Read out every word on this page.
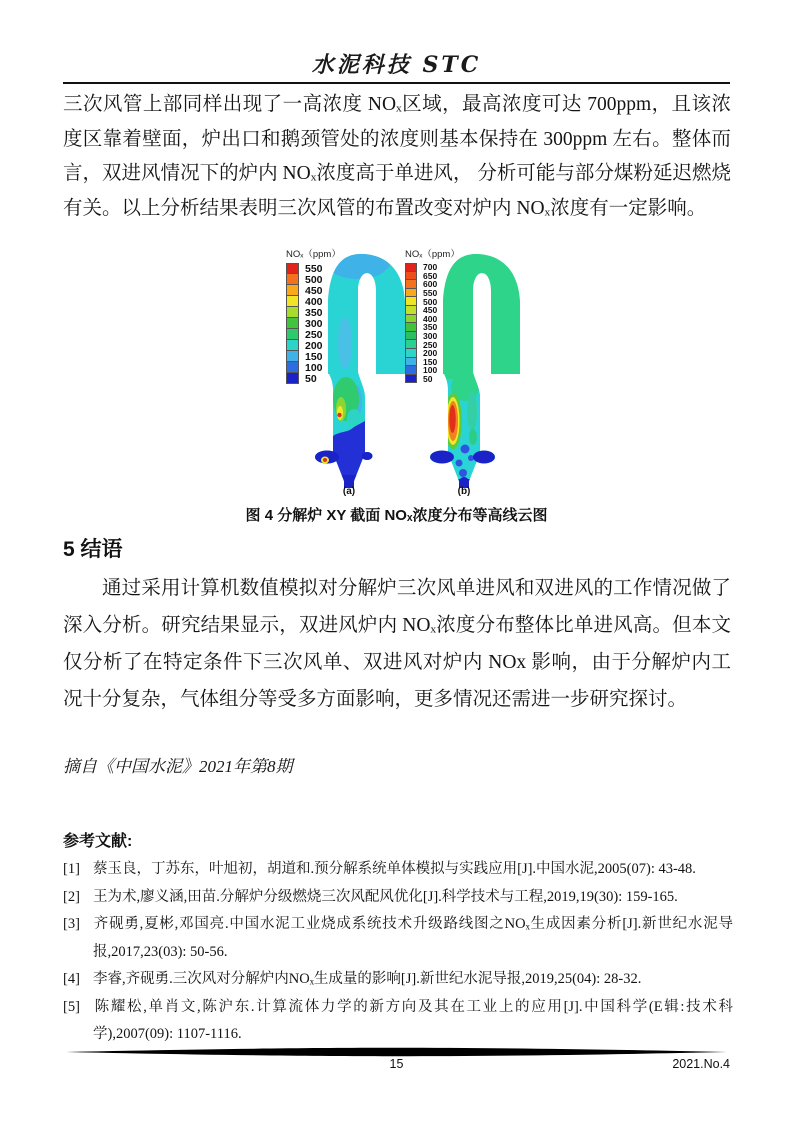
水泥科技 STC

三次风管上部同样出现了一高浓度 NOₓ区域，最高浓度可达 700ppm，且该浓度区靠着壁面，炉出口和鹅颈管处的浓度则基本保持在 300ppm 左右。整体而言，双进风情况下的炉内 NOₓ浓度高于单进风， 分析可能与部分煤粉延迟燃烧有关。以上分析结果表明三次风管的布置改变对炉内 NOₓ浓度有一定影响。

NOₓ（ppm）
550
500
450
400
350
300
250
200
150
100
50
NOₓ（ppm）
700
650
600
550
500
450
400
350
300
250
200
150
100
50
(a)	(b)
图 4 分解炉 XY 截面 NOₓ浓度分布等高线云图
5 结语

通过采用计算机数值模拟对分解炉三次风单进风和双进风的工作情况做了深入分析。研究结果显示，双进风炉内 NOₓ浓度分布整体比单进风高。但本文仅分析了在特定条件下三次风单、双进风对炉内 NOx 影响，由于分解炉内工况十分复杂，气体组分等受多方面影响，更多情况还需进一步研究探讨。

摘自《中国水泥》2021年第8期
参考文献:
[1] 蔡玉良，丁苏东，叶旭初，胡道和.预分解系统单体模拟与实践应用[J].中国水泥,2005(07): 43-48.
[2] 王为术,廖义涵,田苗.分解炉分级燃烧三次风配风优化[J].科学技术与工程,2019,19(30): 159-165.
[3] 齐砚勇,夏彬,邓国亮.中国水泥工业烧成系统技术升级路线图之NOₓ生成因素分析[J].新世纪水泥导报,2017,23(03): 50-56.
[4] 李睿,齐砚勇.三次风对分解炉内NOₓ生成量的影响[J].新世纪水泥导报,2019,25(04): 28-32.
[5] 陈耀松,单肖文,陈沪东.计算流体力学的新方向及其在工业上的应用[J].中国科学(E辑:技术科学),2007(09): 1107-1116.
15	2021.No.4
